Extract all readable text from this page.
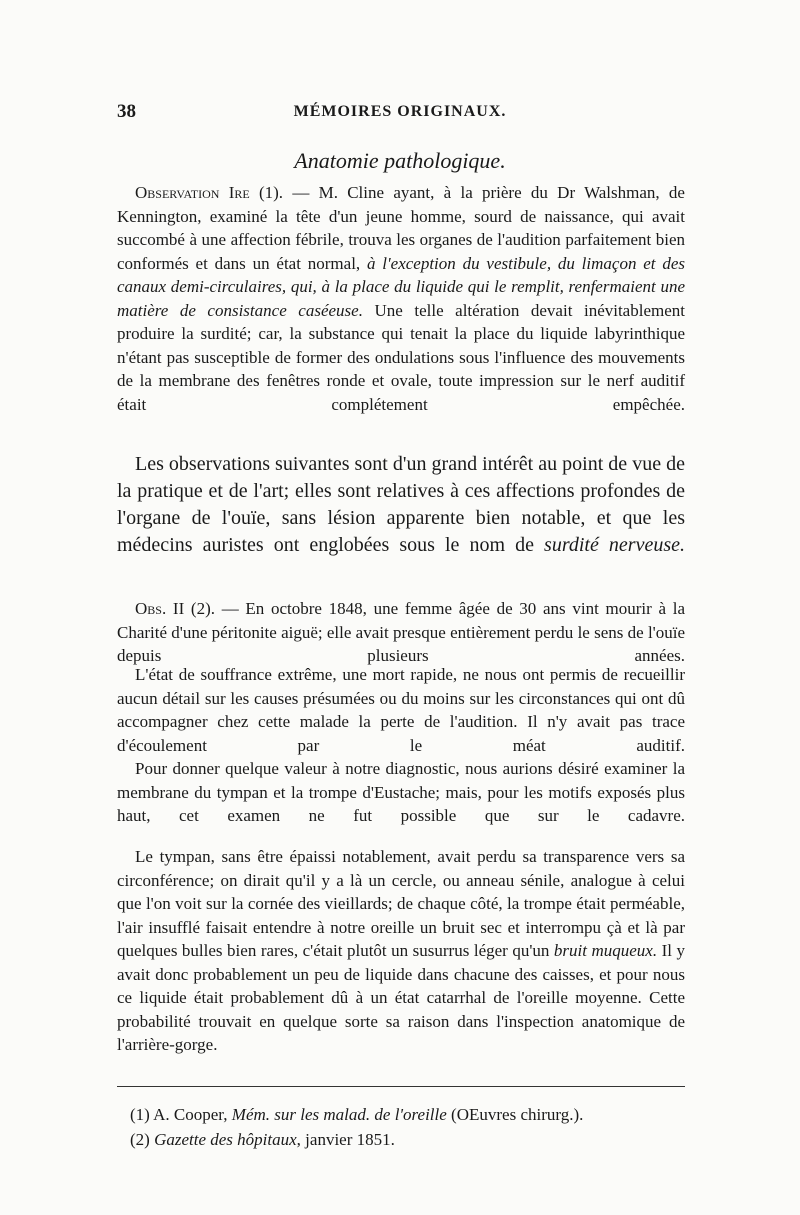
38	MÉMOIRES ORIGINAUX.
Anatomie pathologique.

Observation Ire (1). — M. Cline ayant, à la prière du Dr Walshman, de Kennington, examiné la tête d'un jeune homme, sourd de naissance, qui avait succombé à une affection fébrile, trouva les organes de l'audition parfaitement bien conformés et dans un état normal, à l'exception du vestibule, du limaçon et des canaux demi-circulaires, qui, à la place du liquide qui le remplit, renfermaient une matière de consistance caséeuse. Une telle altération devait inévitablement produire la surdité; car, la substance qui tenait la place du liquide labyrinthique n'étant pas susceptible de former des ondulations sous l'influence des mouvements de la membrane des fenêtres ronde et ovale, toute impression sur le nerf auditif était complétement empêchée.

Les observations suivantes sont d'un grand intérêt au point de vue de la pratique et de l'art; elles sont relatives à ces affections profondes de l'organe de l'ouïe, sans lésion apparente bien notable, et que les médecins auristes ont englobées sous le nom de surdité nerveuse.

Obs. II (2). — En octobre 1848, une femme âgée de 30 ans vint mourir à la Charité d'une péritonite aiguë; elle avait presque entièrement perdu le sens de l'ouïe depuis plusieurs années.

L'état de souffrance extrême, une mort rapide, ne nous ont permis de recueillir aucun détail sur les causes présumées ou du moins sur les circonstances qui ont dû accompagner chez cette malade la perte de l'audition. Il n'y avait pas trace d'écoulement par le méat auditif.

Pour donner quelque valeur à notre diagnostic, nous aurions désiré examiner la membrane du tympan et la trompe d'Eustache; mais, pour les motifs exposés plus haut, cet examen ne fut possible que sur le cadavre.

Le tympan, sans être épaissi notablement, avait perdu sa transparence vers sa circonférence; on dirait qu'il y a là un cercle, ou anneau sénile, analogue à celui que l'on voit sur la cornée des vieillards; de chaque côté, la trompe était perméable, l'air insufflé faisait entendre à notre oreille un bruit sec et interrompu çà et là par quelques bulles bien rares, c'était plutôt un susurrus léger qu'un bruit muqueux. Il y avait donc probablement un peu de liquide dans chacune des caisses, et pour nous ce liquide était probablement dû à un état catarrhal de l'oreille moyenne. Cette probabilité trouvait en quelque sorte sa raison dans l'inspection anatomique de l'arrière-gorge.

(1) A. Cooper, Mém. sur les malad. de l'oreille (OEuvres chirurg.).
(2) Gazette des hôpitaux, janvier 1851.
